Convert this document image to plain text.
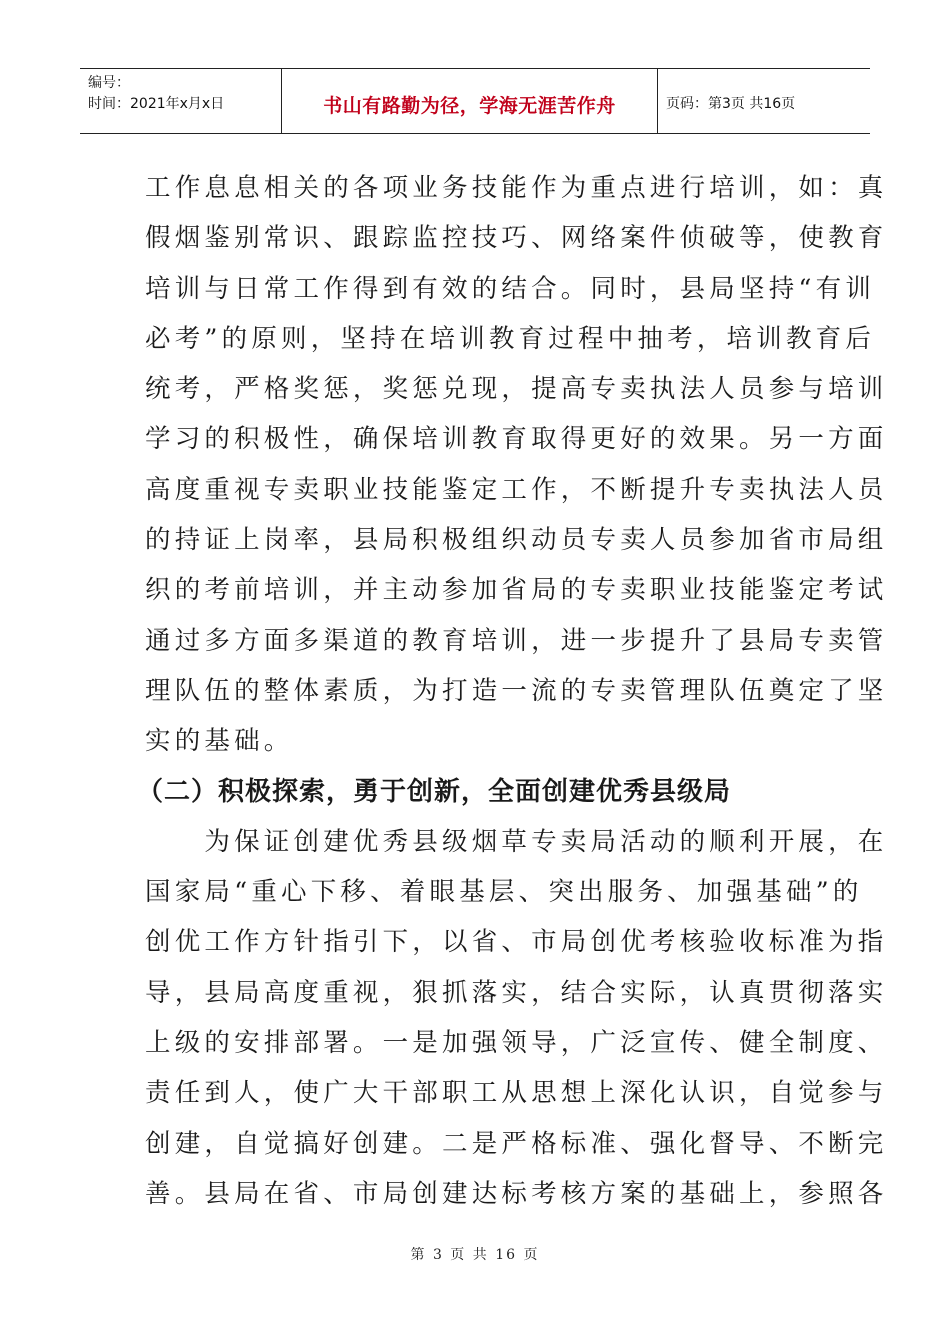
编号：
时间：2021年x月x日	书山有路勤为径，学海无涯苦作舟	页码：第3页 共16页
工作息息相关的各项业务技能作为重点进行培训，如：真
假烟鉴别常识、跟踪监控技巧、网络案件侦破等，使教育
培训与日常工作得到有效的结合。同时，县局坚持“有训
必考”的原则，坚持在培训教育过程中抽考，培训教育后
统考，严格奖惩，奖惩兑现，提高专卖执法人员参与培训
学习的积极性，确保培训教育取得更好的效果。另一方面
高度重视专卖职业技能鉴定工作，不断提升专卖执法人员
的持证上岗率，县局积极组织动员专卖人员参加省市局组
织的考前培训，并主动参加省局的专卖职业技能鉴定考试
通过多方面多渠道的教育培训，进一步提升了县局专卖管
理队伍的整体素质，为打造一流的专卖管理队伍奠定了坚
实的基础。
（二）积极探索，勇于创新，全面创建优秀县级局
　　为保证创建优秀县级烟草专卖局活动的顺利开展，在
国家局“重心下移、着眼基层、突出服务、加强基础”的
创优工作方针指引下，以省、市局创优考核验收标准为指
导，县局高度重视，狠抓落实，结合实际，认真贯彻落实
上级的安排部署。一是加强领导，广泛宣传、健全制度、
责任到人，使广大干部职工从思想上深化认识，自觉参与
创建，自觉搞好创建。二是严格标准、强化督导、不断完
善。县局在省、市局创建达标考核方案的基础上，参照各
第 3 页 共 16 页
